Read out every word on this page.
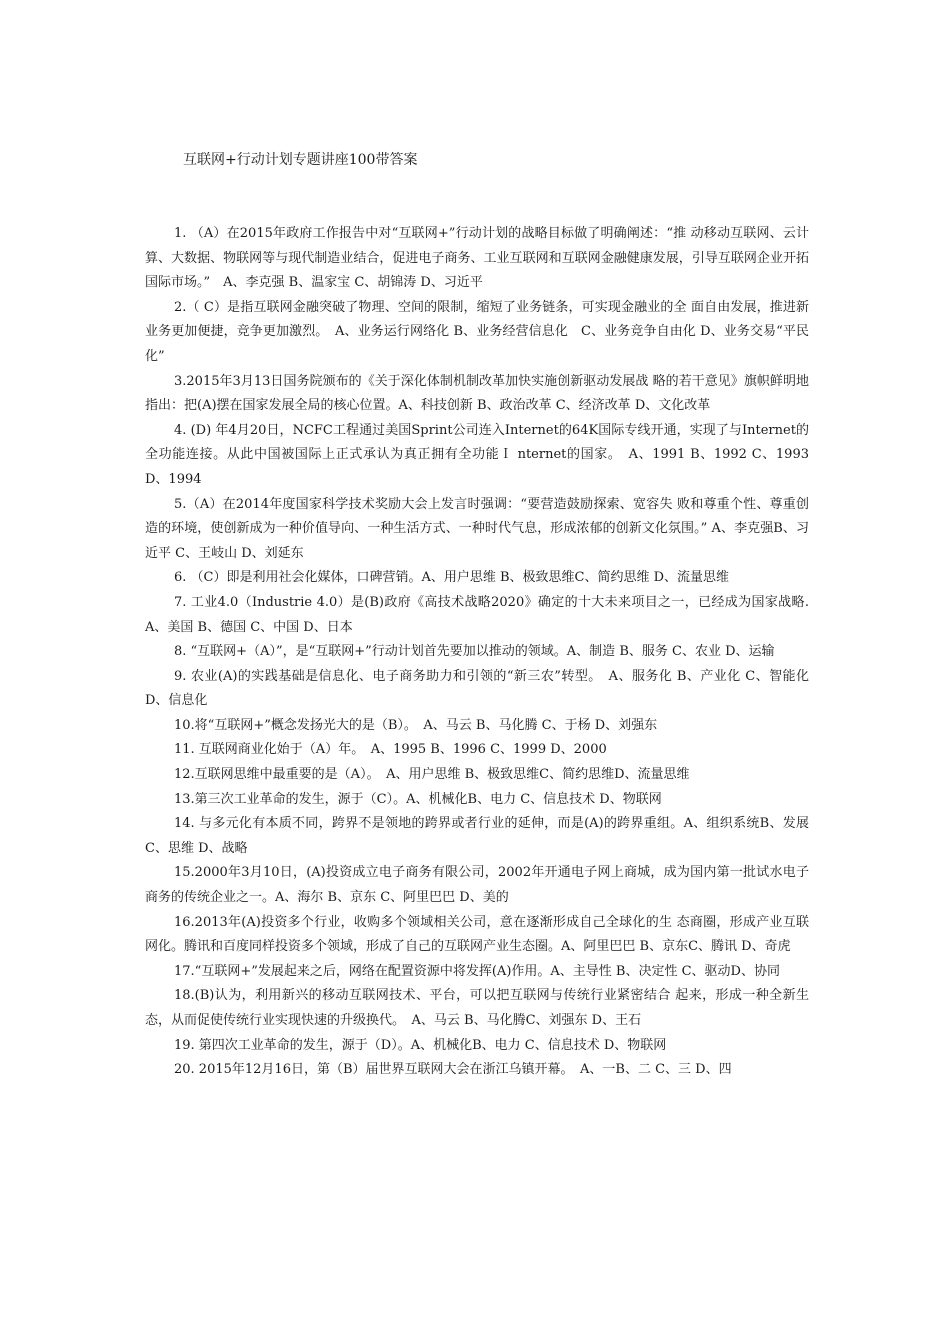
互联网+行动计划专题讲座100带答案

1. （A）在2015年政府工作报告中对“互联网+”行动计划的战略目标做了明确阐述：“推 动移动互联网、云计算、大数据、物联网等与现代制造业结合，促进电子商务、工业互联网和互联网金融健康发展，引导互联网企业开拓国际市场。”　A、李克强 B、温家宝 C、胡锦涛 D、习近平

2.（ C）是指互联网金融突破了物理、空间的限制，缩短了业务链条，可实现金融业的全 面自由发展，推进新业务更加便捷，竞争更加激烈。　A、业务运行网络化 B、业务经营信息化　C、业务竞争自由化 D、业务交易“平民化”

3.2015年3月13日国务院颁布的《关于深化体制机制改革加快实施创新驱动发展战 略的若干意见》旗帜鲜明地指出：把(A)摆在国家发展全局的核心位置。A、科技创新 B、政治改革 C、经济改革 D、文化改革

4. (D) 年4月20日，NCFC工程通过美国Sprint公司连入Internet的64K国际专线开通，实现了与Internet的全功能连接。从此中国被国际上正式承认为真正拥有全功能Ｉ nternet的国家。　A、1991 B、1992 C、1993 D、1994

5.（A）在2014年度国家科学技术奖励大会上发言时强调：“要营造鼓励探索、宽容失 败和尊重个性、尊重创造的环境，使创新成为一种价值导向、一种生活方式、一种时代气息，形成浓郁的创新文化氛围。” A、李克强B、习近平 C、王岐山 D、刘延东

6. （C）即是利用社会化媒体，口碑营销。A、用户思维 B、极致思维C、简约思维 D、流量思维

7. 工业4.0（Industrie 4.0）是(B)政府《高技术战略2020》确定的十大未来项目之一，已经成为国家战略.　A、美国 B、德国 C、中国 D、日本

8. “互联网+（A）”，是“互联网+”行动计划首先要加以推动的领域。A、制造 B、服务 C、农业 D、运输

9. 农业(A)的实践基础是信息化、电子商务助力和引领的“新三农”转型。　A、服务化 B、产业化 C、智能化D、信息化

10.将“互联网+”概念发扬光大的是（B）。　A、马云 B、马化腾 C、于杨 D、刘强东

11. 互联网商业化始于（A）年。　A、1995 B、1996 C、1999 D、2000

12.互联网思维中最重要的是（A）。　A、用户思维 B、极致思维C、简约思维D、流量思维

13.第三次工业革命的发生，源于（C）。A、机械化B、电力 C、信息技术 D、物联网

14. 与多元化有本质不同，跨界不是领地的跨界或者行业的延伸，而是(A)的跨界重组。A、组织系统B、发展C、思维 D、战略

15.2000年3月10日，(A)投资成立电子商务有限公司，2002年开通电子网上商城，成为国内第一批试水电子商务的传统企业之一。A、海尔 B、京东 C、阿里巴巴 D、美的

16.2013年(A)投资多个行业，收购多个领域相关公司，意在逐渐形成自己全球化的生 态商圈，形成产业互联网化。腾讯和百度同样投资多个领域，形成了自己的互联网产业生态圈。A、阿里巴巴 B、京东C、腾讯 D、奇虎

17.“互联网+”发展起来之后，网络在配置资源中将发挥(A)作用。A、主导性 B、决定性 C、驱动D、协同

18.(B)认为，利用新兴的移动互联网技术、平台，可以把互联网与传统行业紧密结合 起来，形成一种全新生态，从而促使传统行业实现快速的升级换代。　A、马云 B、马化腾C、刘强东 D、王石

19. 第四次工业革命的发生，源于（D）。A、机械化B、电力 C、信息技术 D、物联网

20. 2015年12月16日，第（B）届世界互联网大会在浙江乌镇开幕。　A、一B、二 C、三 D、四
